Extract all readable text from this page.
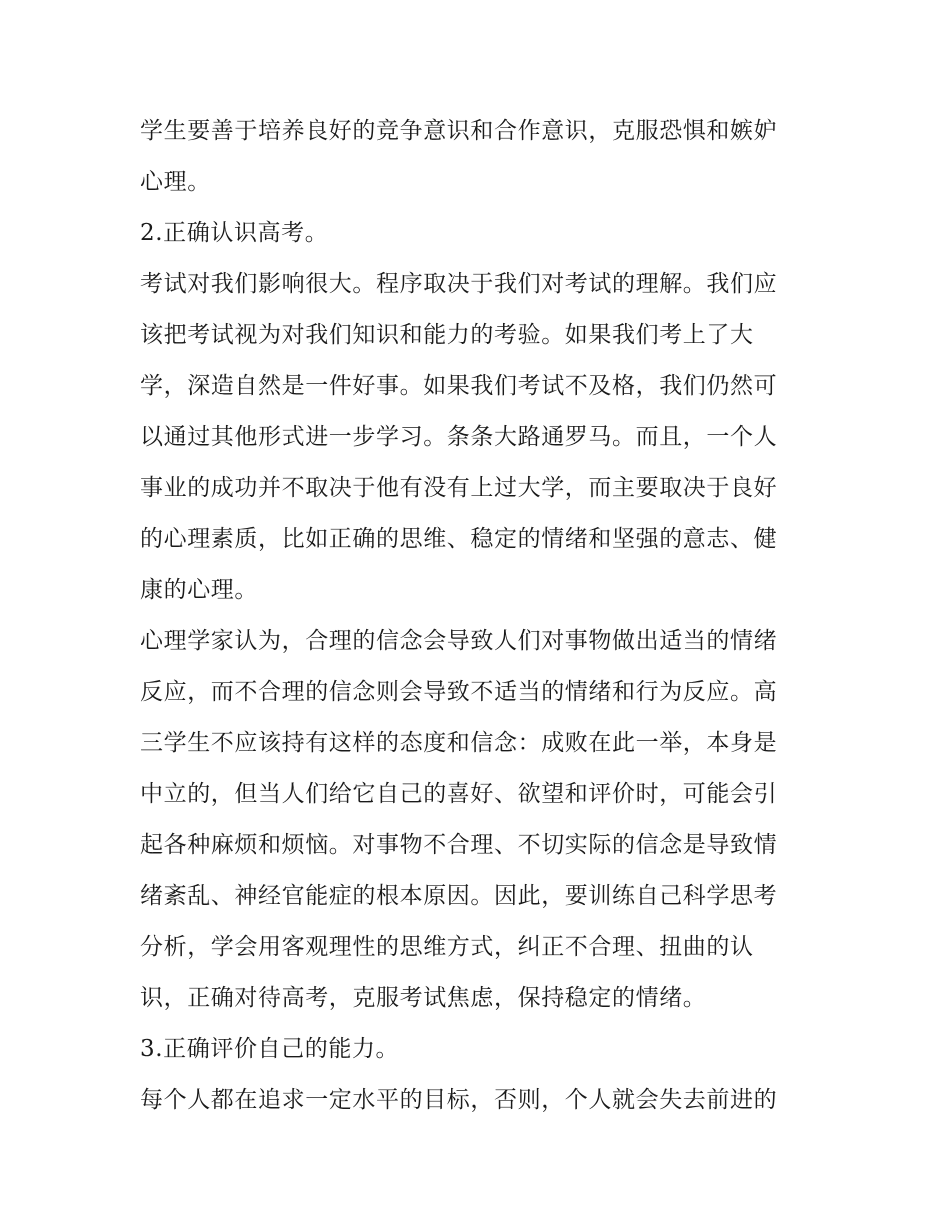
学生要善于培养良好的竞争意识和合作意识，克服恐惧和嫉妒
心理。

2.正确认识高考。

考试对我们影响很大。程序取决于我们对考试的理解。我们应
该把考试视为对我们知识和能力的考验。如果我们考上了大
学，深造自然是一件好事。如果我们考试不及格，我们仍然可
以通过其他形式进一步学习。条条大路通罗马。而且，一个人
事业的成功并不取决于他有没有上过大学，而主要取决于良好
的心理素质，比如正确的思维、稳定的情绪和坚强的意志、健
康的心理。

心理学家认为，合理的信念会导致人们对事物做出适当的情绪
反应，而不合理的信念则会导致不适当的情绪和行为反应。高
三学生不应该持有这样的态度和信念：成败在此一举，本身是
中立的，但当人们给它自己的喜好、欲望和评价时，可能会引
起各种麻烦和烦恼。对事物不合理、不切实际的信念是导致情
绪紊乱、神经官能症的根本原因。因此，要训练自己科学思考
分析，学会用客观理性的思维方式，纠正不合理、扭曲的认
识，正确对待高考，克服考试焦虑，保持稳定的情绪。

3.正确评价自己的能力。

每个人都在追求一定水平的目标，否则，个人就会失去前进的
